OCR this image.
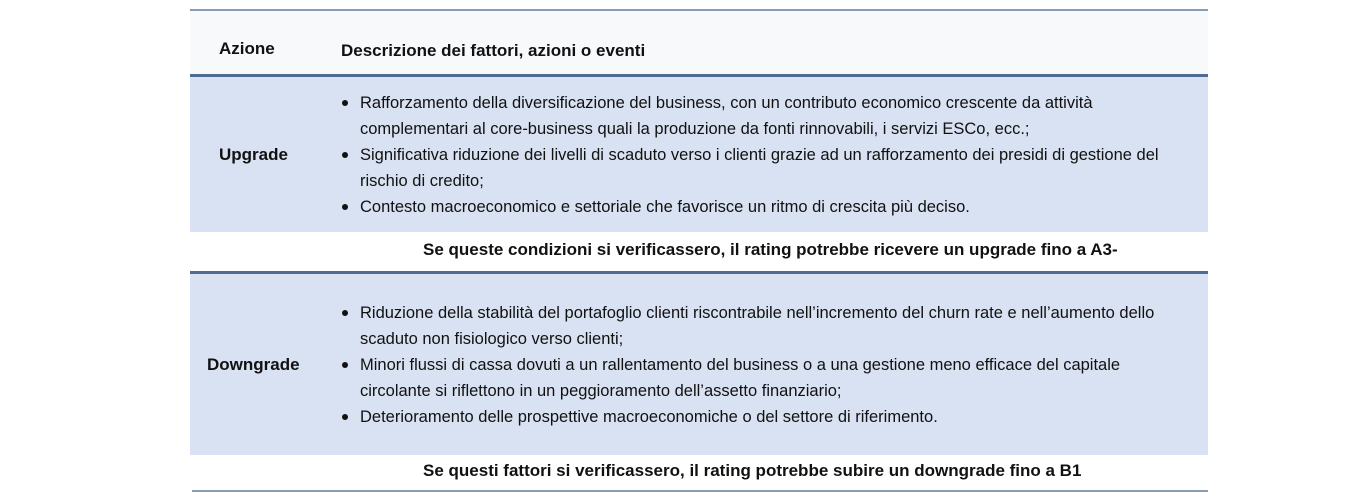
Azione	Descrizione dei fattori, azioni o eventi
Upgrade
Rafforzamento della diversificazione del business, con un contributo economico crescente da attività complementari al core-business quali la produzione da fonti rinnovabili, i servizi ESCo, ecc.;
Significativa riduzione dei livelli di scaduto verso i clienti grazie ad un rafforzamento dei presidi di gestione del rischio di credito;
Contesto macroeconomico e settoriale che favorisce un ritmo di crescita più deciso.
Se queste condizioni si verificassero, il rating potrebbe ricevere un upgrade fino a A3-
Downgrade
Riduzione della stabilità del portafoglio clienti riscontrabile nell’incremento del churn rate e nell’aumento dello scaduto non fisiologico verso clienti;
Minori flussi di cassa dovuti a un rallentamento del business o a una gestione meno efficace del capitale circolante si riflettono in un peggioramento dell’assetto finanziario;
Deterioramento delle prospettive macroeconomiche o del settore di riferimento.
Se questi fattori si verificassero, il rating potrebbe subire un downgrade fino a B1
